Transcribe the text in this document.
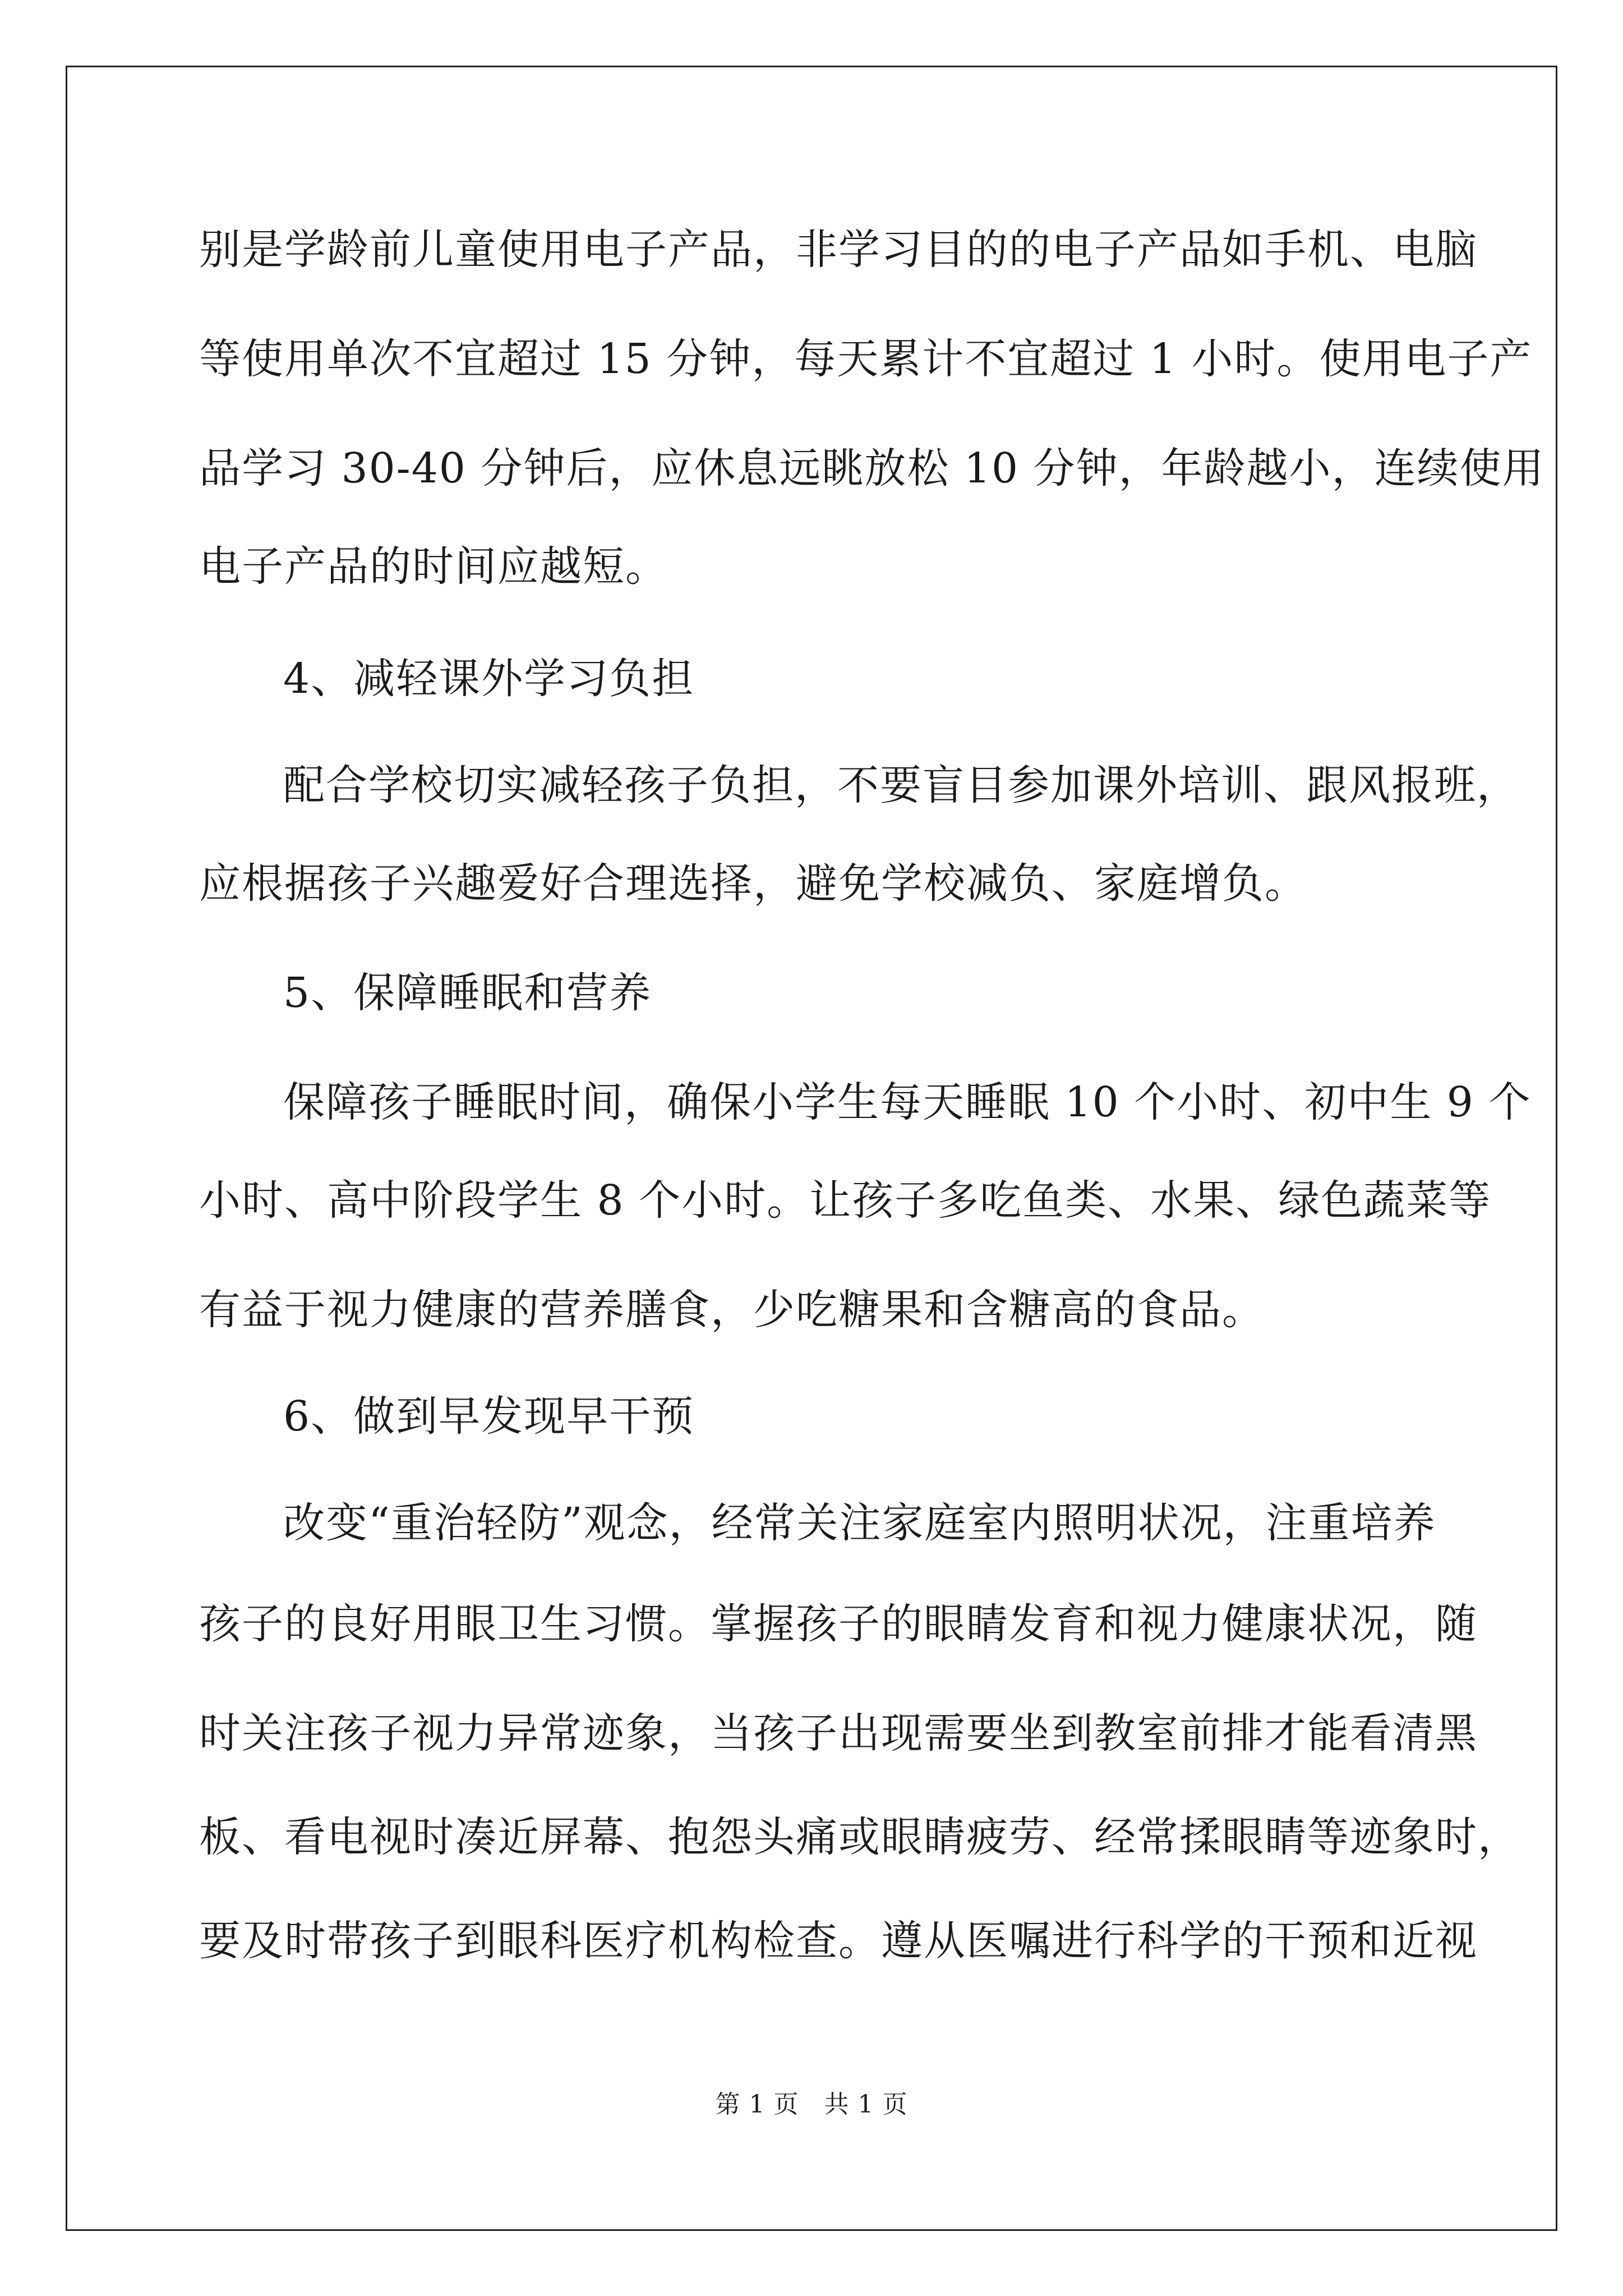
别是学龄前儿童使用电子产品，非学习目的的电子产品如手机、电脑
等使用单次不宜超过 15 分钟，每天累计不宜超过 1 小时。使用电子产
品学习 30-40 分钟后，应休息远眺放松 10 分钟，年龄越小，连续使用
电子产品的时间应越短。
4、减轻课外学习负担
配合学校切实减轻孩子负担，不要盲目参加课外培训、跟风报班，
应根据孩子兴趣爱好合理选择，避免学校减负、家庭增负。
5、保障睡眠和营养
保障孩子睡眠时间，确保小学生每天睡眠 10 个小时、初中生 9 个
小时、高中阶段学生 8 个小时。让孩子多吃鱼类、水果、绿色蔬菜等
有益于视力健康的营养膳食，少吃糖果和含糖高的食品。
6、做到早发现早干预
改变“重治轻防”观念，经常关注家庭室内照明状况，注重培养
孩子的良好用眼卫生习惯。掌握孩子的眼睛发育和视力健康状况，随
时关注孩子视力异常迹象，当孩子出现需要坐到教室前排才能看清黑
板、看电视时凑近屏幕、抱怨头痛或眼睛疲劳、经常揉眼睛等迹象时，
要及时带孩子到眼科医疗机构检查。遵从医嘱进行科学的干预和近视
第 1 页　共 1 页
